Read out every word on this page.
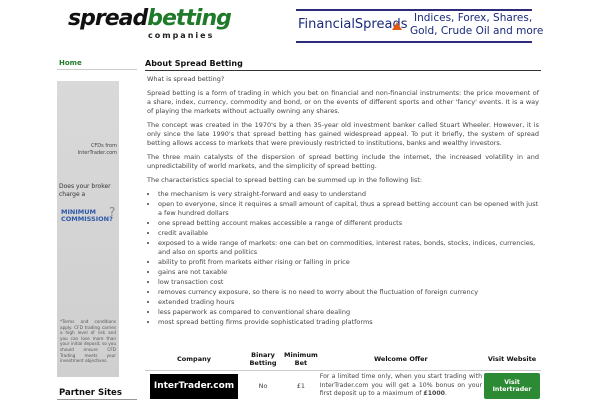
spreadbetting
companies
FinancialSpreads Indices, Forex, Shares,
Gold, Crude Oil and more
Home
CFDs from InterTrader.com
Does your broker charge a
MINIMUM COMMISSION?
?
*Terms and conditions apply. CFD trading carries a high level of risk and you can lose more than your initial deposit, so you should ensure CFD Trading meets your investment objectives.
Partner Sites
About Spread Betting

What is spread betting?

Spread betting is a form of trading in which you bet on financial and non-financial instruments: the price movement of a share, index, currency, commodity and bond, or on the events of different sports and other 'fancy' events. It is a way of playing the markets without actually owning any shares.

The concept was created in the 1970's by a then 35-year old investment banker called Stuart Wheeler. However, it is only since the late 1990's that spread betting has gained widespread appeal. To put it briefly, the system of spread betting allows access to markets that were previously restricted to institutions, banks and wealthy investors.

The three main catalysts of the dispersion of spread betting include the internet, the increased volatility in and unpredictability of world markets, and the simplicity of spread betting.

The characteristics special to spread betting can be summed up in the following list:

• the mechanism is very straight-forward and easy to understand
• open to everyone, since it requires a small amount of capital, thus a spread betting account can be opened with just a few hundred dollars
• one spread betting account makes accessible a range of different products
• credit available
• exposed to a wide range of markets: one can bet on commodities, interest rates, bonds, stocks, indices, currencies, and also on sports and politics
• ability to profit from markets either rising or falling in price
• gains are not taxable
• low transaction cost
• removes currency exposure, so there is no need to worry about the fluctuation of foreign currency
• extended trading hours
• less paperwork as compared to conventional share dealing
• most spread betting firms provide sophisticated trading platforms
Company	Binary Betting	Minimum Bet	Welcome Offer	Visit Website
InterTrader.com	No	£1	For a limited time only, when you start trading with InterTrader.com you will get a 10% bonus on your first deposit up to a maximum of £1000.	Visit Intertrader
